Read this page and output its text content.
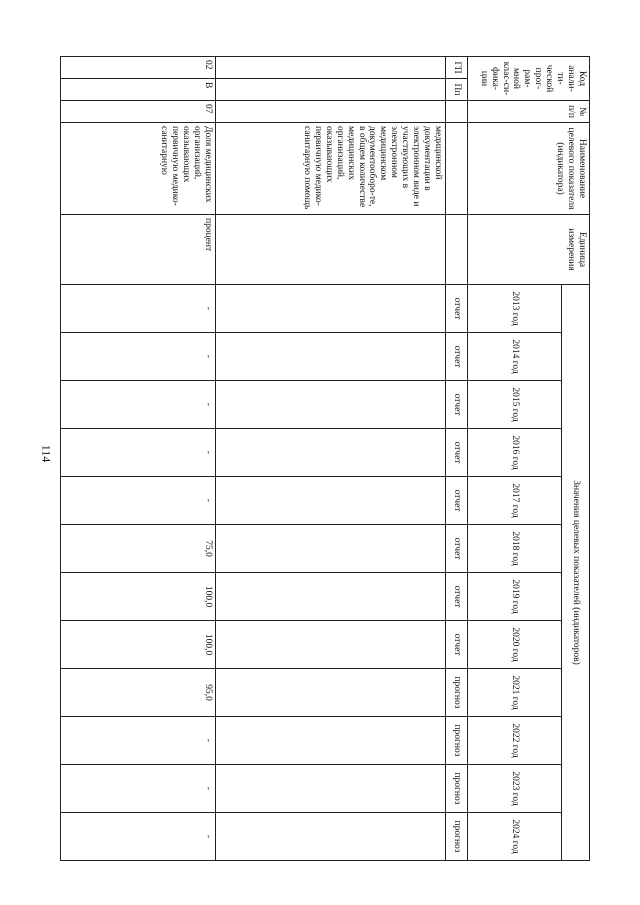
114
Код анали-ти-ческой прог-рам-мной клас-си-фика-ции		№ п/п	Наименование целевого показателя (индикатора)	Единица измерения	Значения целевых показателей (индикаторов)											
					2013 год	2014 год	2015 год	2016 год	2017 год	2018 год	2019 год	2020 год	2021 год	2022 год	2023 год	2024 год
ГП	Пп				отчет	отчет	отчет	отчет	отчет	отчет	отчет	отчет	прогноз	прогноз	прогноз	прогноз
			медицинской документации в электронном виде и участвующих в электронном медицинском документооборо-те, в общем количестве медицинских организаций, оказывающих первичную медико-санитарную помощь													
02	В	07	Доля медицинских организаций, оказывающих первичную медико-санитарную	процент	-	-	-	-	-	75,0	100,0	100,0	95,0	-	-	-
